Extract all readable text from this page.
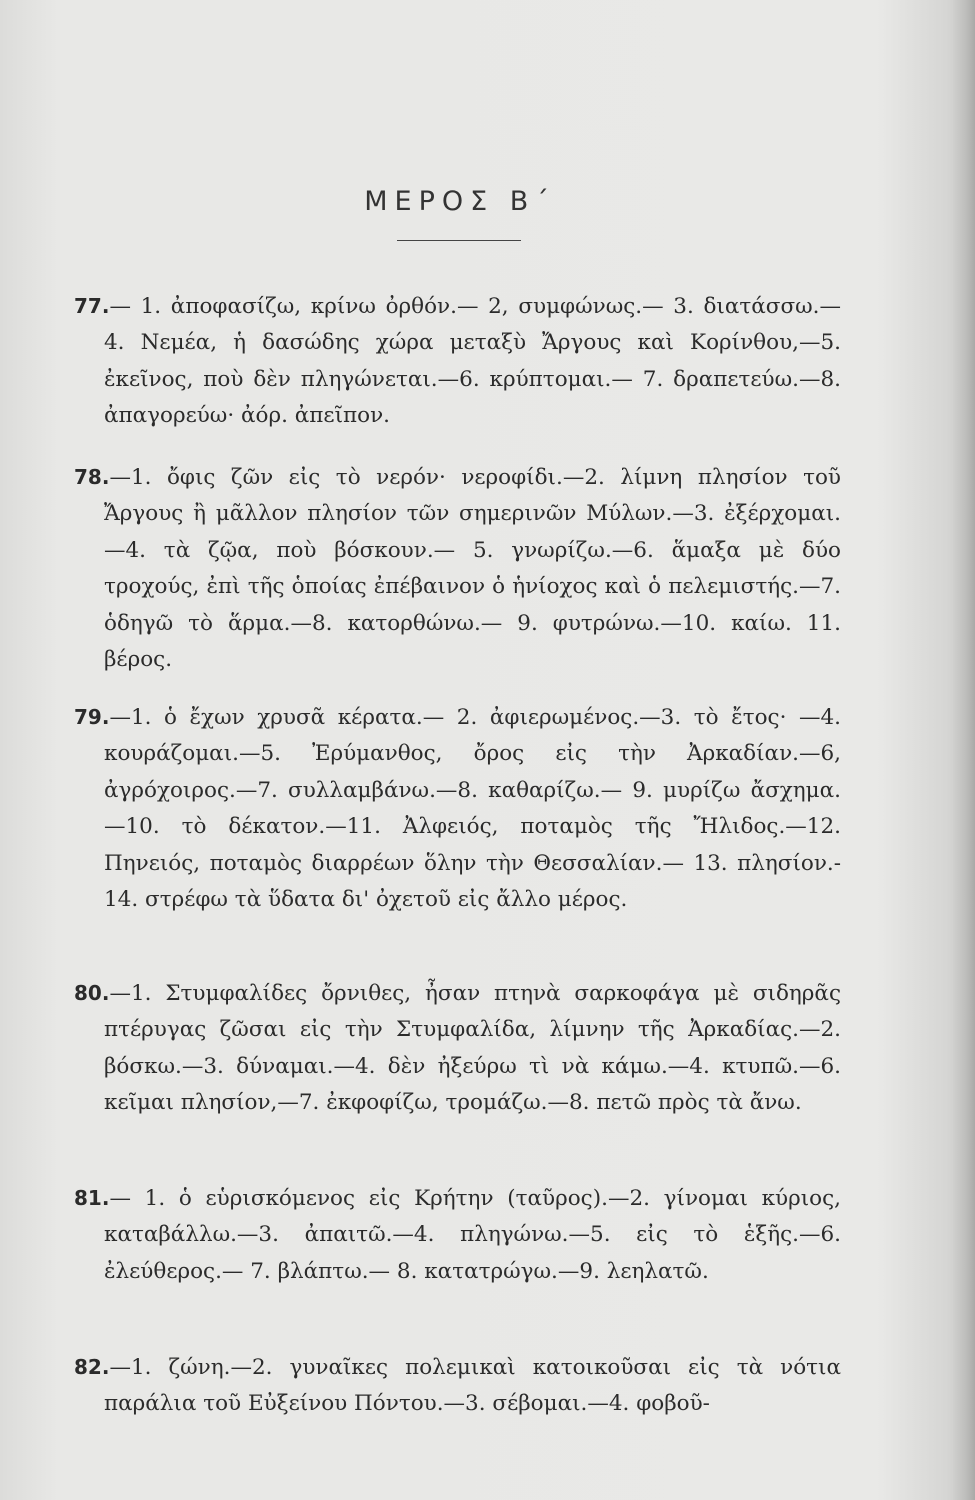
ΜΕΡΟΣ Β΄

77.— 1. ἀποφασίζω, κρίνω ὀρθόν.— 2, συμφώνως.— 3. διατάσσω.— 4. Νεμέα, ἡ δασώδης χώρα μεταξὺ Ἄργους καὶ Κορίνθου,—5. ἐκεῖνος, ποὺ δὲν πληγώνεται.—6. κρύπτομαι.— 7. δραπετεύω.—8. ἀπαγορεύω· ἀόρ. ἀπεῖπον.

78.—1. ὄφις ζῶν εἰς τὸ νερόν· νεροφίδι.—2. λίμνη πλησίον τοῦ Ἄργους ἢ μᾶλλον πλησίον τῶν σημερινῶν Μύλων.—3. ἐξέρχομαι.—4. τὰ ζῷα, ποὺ βόσκουν.— 5. γνωρίζω.—6. ἅμαξα μὲ δύο τροχούς, ἐπὶ τῆς ὁποίας ἐπέβαινον ὁ ἡνίοχος καὶ ὁ πελεμιστής.—7. ὁδηγῶ τὸ ἅρμα.—8. κατορθώνω.— 9. φυτρώνω.—10. καίω. 11. βέρος.

79.—1. ὁ ἔχων χρυσᾶ κέρατα.— 2. ἀφιερωμένος.—3. τὸ ἔτος· —4. κουράζομαι.—5. Ἐρύμανθος, ὄρος εἰς τὴν Ἀρκαδίαν.—6, ἀγρόχοιρος.—7. συλλαμβάνω.—8. καθαρίζω.— 9. μυρίζω ἄσχημα.—10. τὸ δέκατον.—11. Ἀλφειός, ποταμὸς τῆς Ἤλιδος.—12. Πηνειός, ποταμὸς διαρρέων ὅλην τὴν Θεσσαλίαν.— 13. πλησίον.- 14. στρέφω τὰ ὕδατα δι' ὀχετοῦ εἰς ἄλλο μέρος.

80.—1. Στυμφαλίδες ὄρνιθες, ἦσαν πτηνὰ σαρκοφάγα μὲ σιδηρᾶς πτέρυγας ζῶσαι εἰς τὴν Στυμφαλίδα, λίμνην τῆς Ἀρκαδίας.—2. βόσκω.—3. δύναμαι.—4. δὲν ἠξεύρω τὶ νὰ κάμω.—4. κτυπῶ.—6. κεῖμαι πλησίον,—7. ἐκφοφίζω, τρομάζω.—8. πετῶ πρὸς τὰ ἄνω.

81.— 1. ὁ εὑρισκόμενος εἰς Κρήτην (ταῦρος).—2. γίνομαι κύριος, καταβάλλω.—3. ἀπαιτῶ.—4. πληγώνω.—5. εἰς τὸ ἑξῆς.—6. ἐλεύθερος.— 7. βλάπτω.— 8. κατατρώγω.—9. λεηλατῶ.

82.—1. ζώνη.—2. γυναῖκες πολεμικαὶ κατοικοῦσαι εἰς τὰ νότια παράλια τοῦ Εὐξείνου Πόντου.—3. σέβομαι.—4. φοβοῦ-
